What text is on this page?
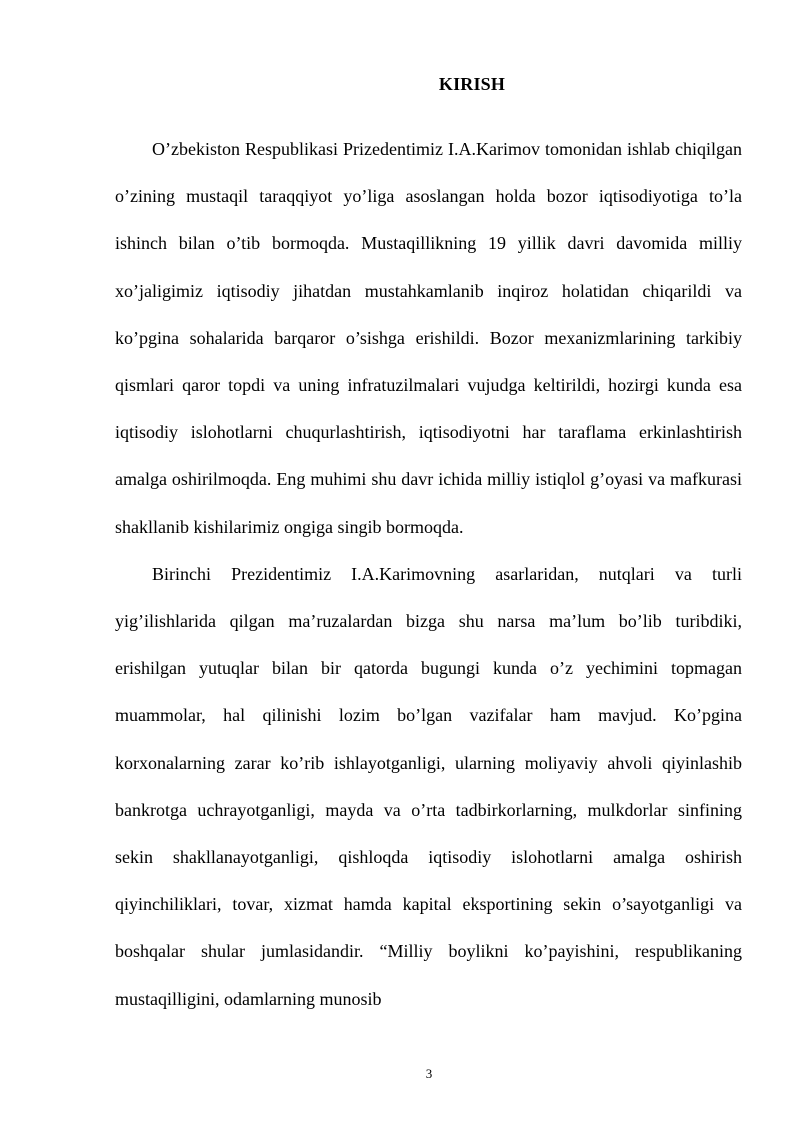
KIRISH

O’zbekiston Respublikasi Prizedentimiz I.A.Karimov tomonidan ishlab chiqilgan o’zining mustaqil taraqqiyot yo’liga asoslangan holda bozor iqtisodiyotiga to’la ishinch bilan o’tib bormoqda. Mustaqillikning 19 yillik davri davomida milliy xo’jaligimiz iqtisodiy jihatdan mustahkamlanib inqiroz holatidan chiqarildi va ko’pgina sohalarida barqaror o’sishga erishildi. Bozor mexanizmlarining tarkibiy qismlari qaror topdi va uning infratuzilmalari vujudga keltirildi, hozirgi kunda esa iqtisodiy islohotlarni chuqurlashtirish, iqtisodiyotni har taraflama erkinlashtirish amalga oshirilmoqda. Eng muhimi shu davr ichida milliy istiqlol g’oyasi va mafkurasi shakllanib kishilarimiz ongiga singib bormoqda.

Birinchi Prezidentimiz I.A.Karimovning asarlaridan, nutqlari va turli yig’ilishlarida qilgan ma’ruzalardan bizga shu narsa ma’lum bo’lib turibdiki, erishilgan yutuqlar bilan bir qatorda bugungi kunda o’z yechimini topmagan muammolar, hal qilinishi lozim bo’lgan vazifalar ham mavjud. Ko’pgina korxonalarning zarar ko’rib ishlayotganligi, ularning moliyaviy ahvoli qiyinlashib bankrotga uchrayotganligi, mayda va o’rta tadbirkorlarning, mulkdorlar sinfining sekin shakllanayotganligi, qishloqda iqtisodiy islohotlarni amalga oshirish qiyinchiliklari, tovar, xizmat hamda kapital eksportining sekin o’sayotganligi va boshqalar shular jumlasidandir. “Milliy boylikni ko’payishini, respublikaning mustaqilligini, odamlarning munosib

3
